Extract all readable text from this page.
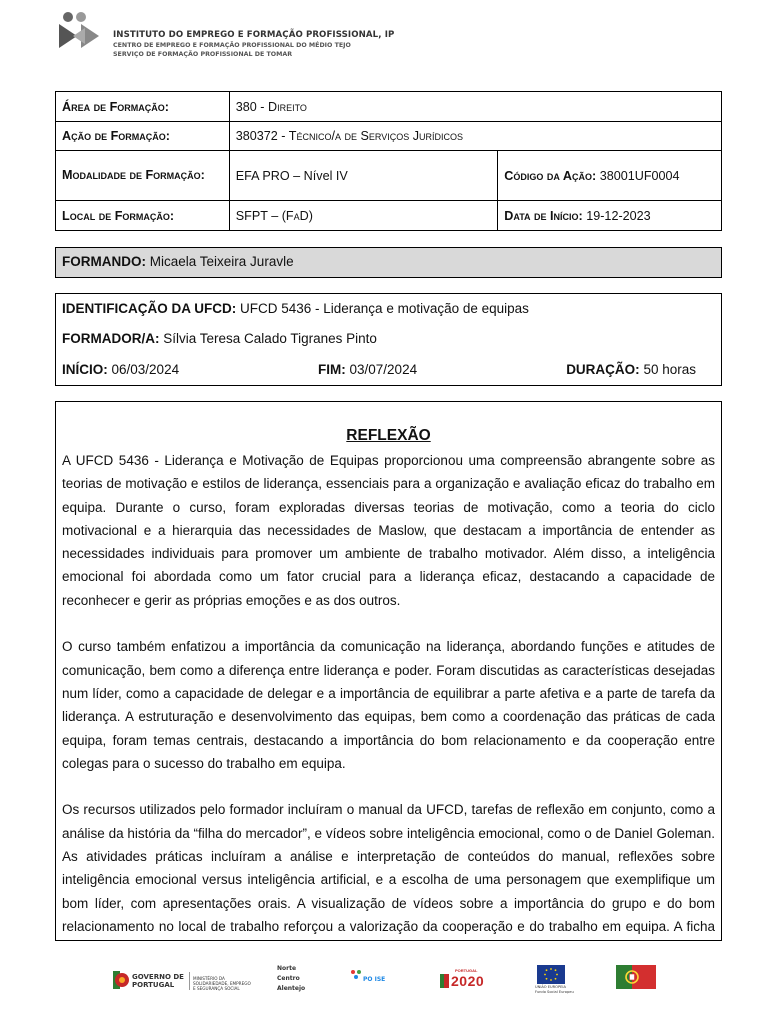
INSTITUTO DO EMPREGO E FORMAÇÃO PROFISSIONAL, IP
CENTRO DE EMPREGO E FORMAÇÃO PROFISSIONAL DO MÉDIO TEJO
SERVIÇO DE FORMAÇÃO PROFISSIONAL DE TOMAR
Área de Formação:	380 - Direito	
Ação de Formação:	380372 - Técnico/a de Serviços Jurídicos	
Modalidade de Formação:	EFA PRO – Nível IV	Código da Ação: 38001UF0004
Local de Formação:	SFPT – (FaD)	Data de Início: 19-12-2023
FORMANDO: Micaela Teixeira Juravle
IDENTIFICAÇÃO DA UFCD: UFCD 5436 - Liderança e motivação de equipas
FORMADOR/A: Sílvia Teresa Calado Tigranes Pinto
INÍCIO: 06/03/2024	FIM: 03/07/2024	DURAÇÃO: 50 horas
REFLEXÃO

A UFCD 5436 - Liderança e Motivação de Equipas proporcionou uma compreensão abrangente sobre as teorias de motivação e estilos de liderança, essenciais para a organização e avaliação eficaz do trabalho em equipa. Durante o curso, foram exploradas diversas teorias de motivação, como a teoria do ciclo motivacional e a hierarquia das necessidades de Maslow, que destacam a importância de entender as necessidades individuais para promover um ambiente de trabalho motivador. Além disso, a inteligência emocional foi abordada como um fator crucial para a liderança eficaz, destacando a capacidade de reconhecer e gerir as próprias emoções e as dos outros.

O curso também enfatizou a importância da comunicação na liderança, abordando funções e atitudes de comunicação, bem como a diferença entre liderança e poder. Foram discutidas as características desejadas num líder, como a capacidade de delegar e a importância de equilibrar a parte afetiva e a parte de tarefa da liderança. A estruturação e desenvolvimento das equipas, bem como a coordenação das práticas de cada equipa, foram temas centrais, destacando a importância do bom relacionamento e da cooperação entre colegas para o sucesso do trabalho em equipa.

Os recursos utilizados pelo formador incluíram o manual da UFCD, tarefas de reflexão em conjunto, como a análise da história da “filha do mercador”, e vídeos sobre inteligência emocional, como o de Daniel Goleman. As atividades práticas incluíram a análise e interpretação de conteúdos do manual, reflexões sobre inteligência emocional versus inteligência artificial, e a escolha de uma personagem que exemplifique um bom líder, com apresentações orais. A visualização de vídeos sobre a importância do grupo e do bom relacionamento no local de trabalho reforçou a valorização da cooperação e do trabalho em equipa. A ficha

GOVERNO DE
PORTUGAL
MINISTÉRIO DA SOLIDARIEDADE, EMPREGO E SEGURANÇA SOCIAL
Norte
Centro
Alentejo
PO ISE
PORTUGAL
2020	UNIÃO EUROPEIA
Fundo Social Europeu
